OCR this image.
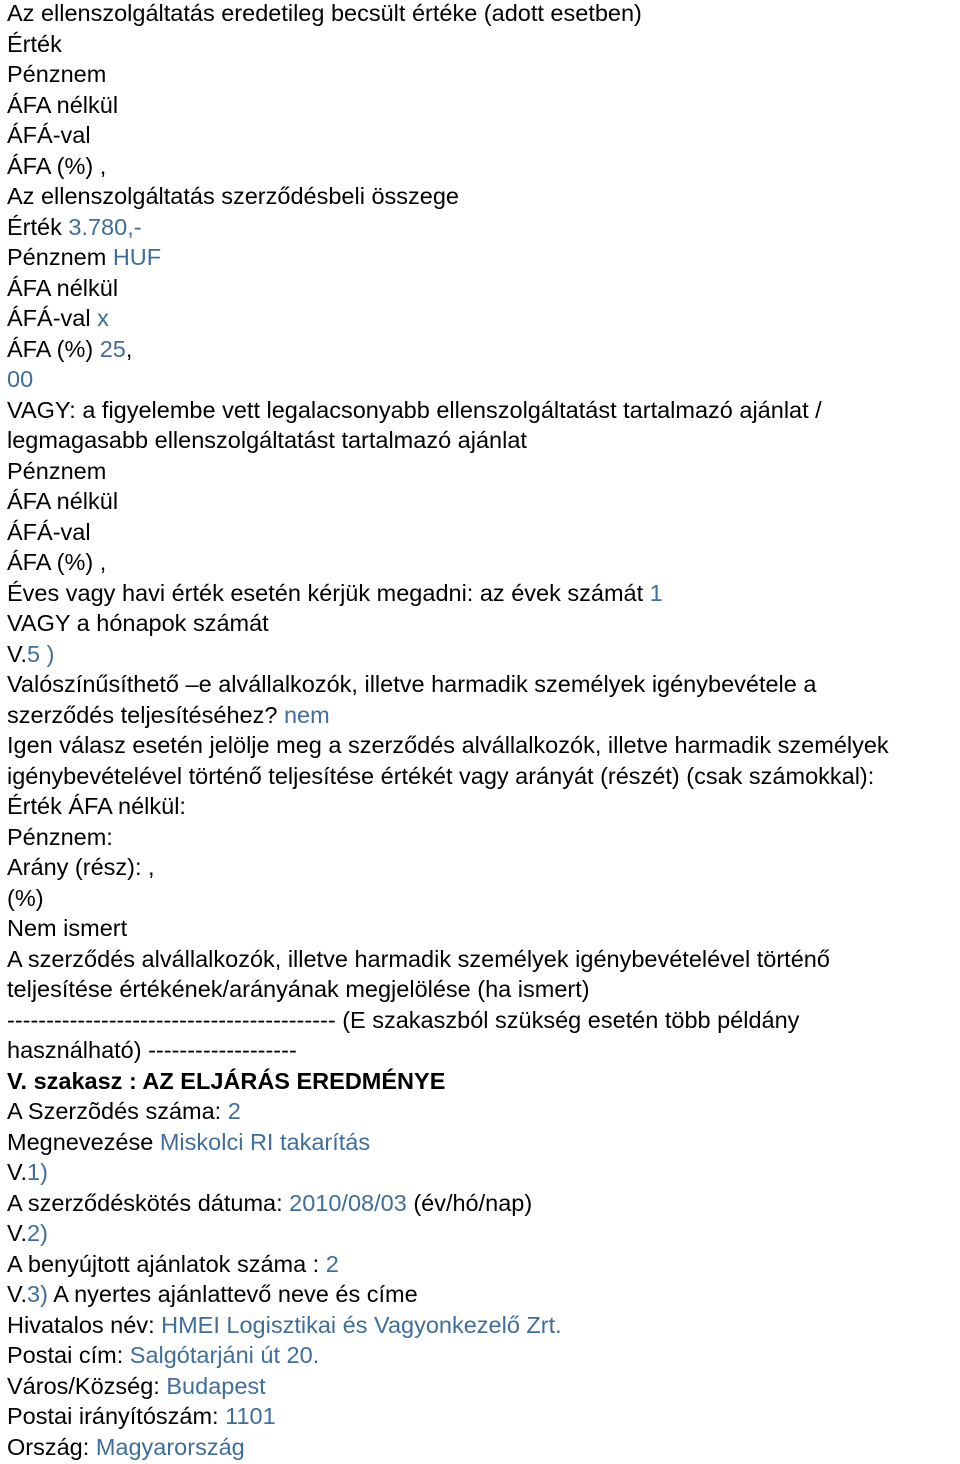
Az ellenszolgáltatás eredetileg becsült értéke (adott esetben)
Érték
Pénznem
ÁFA nélkül
ÁFÁ-val
ÁFA (%) ,
Az ellenszolgáltatás szerződésbeli összege
Érték 3.780,-
Pénznem HUF
ÁFA nélkül
ÁFÁ-val x
ÁFA (%) 25,
00
VAGY: a figyelembe vett legalacsonyabb ellenszolgáltatást tartalmazó ajánlat /
legmagasabb ellenszolgáltatást tartalmazó ajánlat
Pénznem
ÁFA nélkül
ÁFÁ-val
ÁFA (%) ,
Éves vagy havi érték esetén kérjük megadni: az évek számát 1
VAGY a hónapok számát
V.5 )
Valószínűsíthető –e alvállalkozók, illetve harmadik személyek igénybevétele a
szerződés teljesítéséhez? nem
Igen válasz esetén jelölje meg a szerződés alvállalkozók, illetve harmadik személyek
igénybevételével történő teljesítése értékét vagy arányát (részét) (csak számokkal):
Érték ÁFA nélkül:
Pénznem:
Arány (rész): ,
(%)
Nem ismert
A szerződés alvállalkozók, illetve harmadik személyek igénybevételével történő
teljesítése értékének/arányának megjelölése (ha ismert)
------------------------------------------ (E szakaszból szükség esetén több példány
használható) -------------------
V. szakasz : AZ ELJÁRÁS EREDMÉNYE
A Szerzõdés száma: 2
Megnevezése Miskolci RI takarítás
V.1)
A szerződéskötés dátuma: 2010/08/03 (év/hó/nap)
V.2)
A benyújtott ajánlatok száma : 2
V.3) A nyertes ajánlattevő neve és címe
Hivatalos név: HMEI Logisztikai és Vagyonkezelő Zrt.
Postai cím: Salgótarjáni út 20.
Város/Község: Budapest
Postai irányítószám: 1101
Ország: Magyarország
